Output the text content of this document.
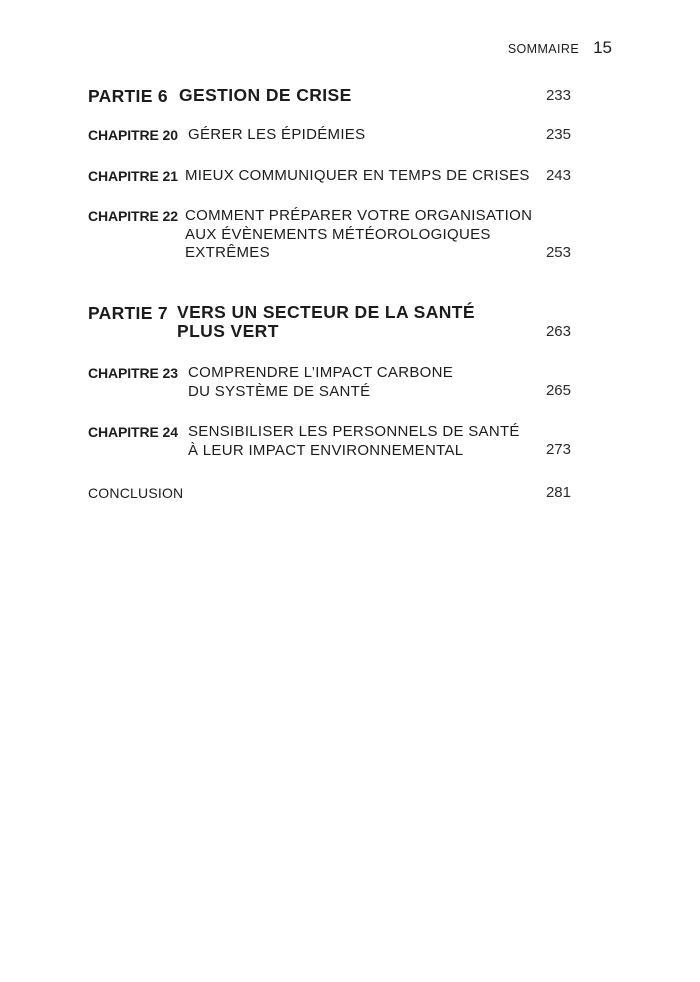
SOMMAIRE 15
PARTIE 6 GESTION DE CRISE	233
CHAPITRE 20 GÉRER LES ÉPIDÉMIES	235
CHAPITRE 21 MIEUX COMMUNIQUER EN TEMPS DE CRISES 243
CHAPITRE 22 COMMENT PRÉPARER VOTRE ORGANISATION
AUX ÉVÈNEMENTS MÉTÉOROLOGIQUES
EXTRÊMES	253
PARTIE 7 VERS UN SECTEUR DE LA SANTÉ
PLUS VERT	263
CHAPITRE 23 COMPRENDRE L’IMPACT CARBONE
DU SYSTÈME DE SANTÉ	265
CHAPITRE 24 SENSIBILISER LES PERSONNELS DE SANTÉ
À LEUR IMPACT ENVIRONNEMENTAL	273
CONCLUSION	281
